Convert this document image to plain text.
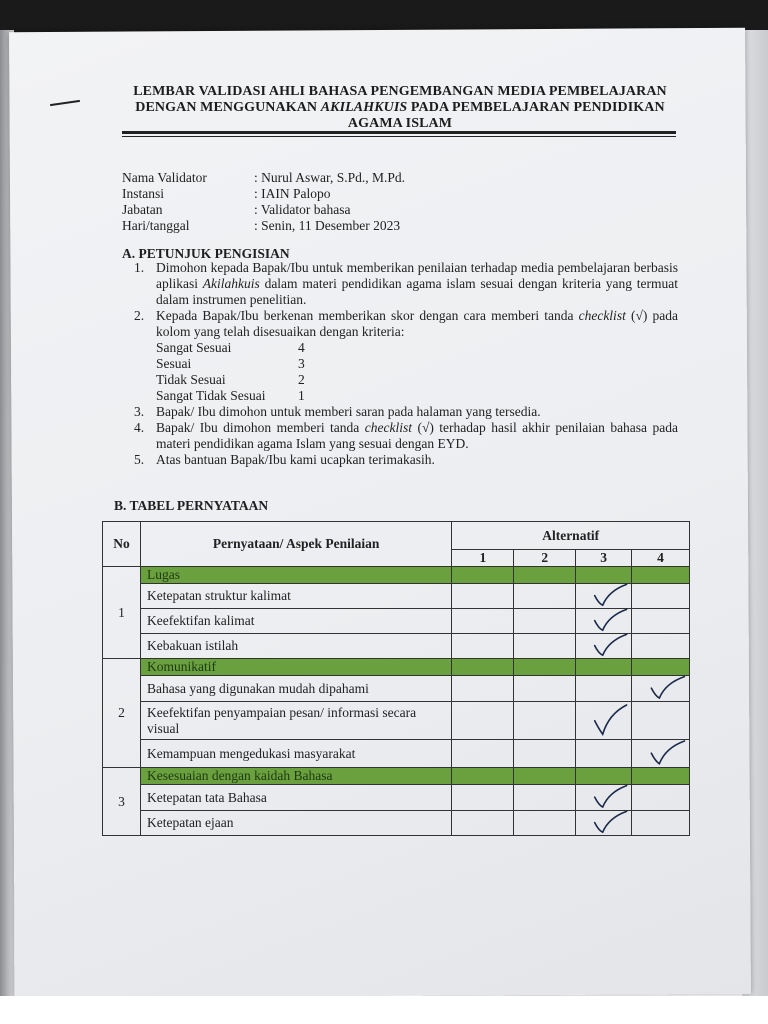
LEMBAR VALIDASI AHLI BAHASA PENGEMBANGAN MEDIA PEMBELAJARAN
DENGAN MENGGUNAKAN AKILAHKUIS PADA PEMBELAJARAN PENDIDIKAN
AGAMA ISLAM
Nama Validator	: Nurul Aswar, S.Pd., M.Pd.
Instansi	: IAIN Palopo
Jabatan	: Validator bahasa
Hari/tanggal	: Senin, 11 Desember 2023
A. PETUNJUK PENGISIAN
1. Dimohon kepada Bapak/Ibu untuk memberikan penilaian terhadap media pembelajaran berbasis aplikasi Akilahkuis dalam materi pendidikan agama islam sesuai dengan kriteria yang termuat dalam instrumen penelitian.
2. Kepada Bapak/Ibu berkenan memberikan skor dengan cara memberi tanda checklist (√) pada kolom yang telah disesuaikan dengan kriteria:
Sangat Sesuai	4
Sesuai	3
Tidak Sesuai	2
Sangat Tidak Sesuai	1
3. Bapak/ Ibu dimohon untuk memberi saran pada halaman yang tersedia.
4. Bapak/ Ibu dimohon memberi tanda checklist (√) terhadap hasil akhir penilaian bahasa pada materi pendidikan agama Islam yang sesuai dengan EYD.
5. Atas bantuan Bapak/Ibu kami ucapkan terimakasih.
B. TABEL PERNYATAAN
No	Pernyataan/ Aspek Penilaian	Alternatif			
		1	2	3	4
1	Lugas				
	Ketepatan struktur kalimat			

	Keefektifan kalimat			

	Kebakuan istilah			

2	Komunikatif				
	Bahasa yang digunakan mudah dipahami				

	Keefektifan penyampaian pesan/ informasi secara visual			

	Kemampuan mengedukasi masyarakat				

3	Kesesuaian dengan kaidah Bahasa				
	Ketepatan tata Bahasa			

	Ketepatan ejaan			
